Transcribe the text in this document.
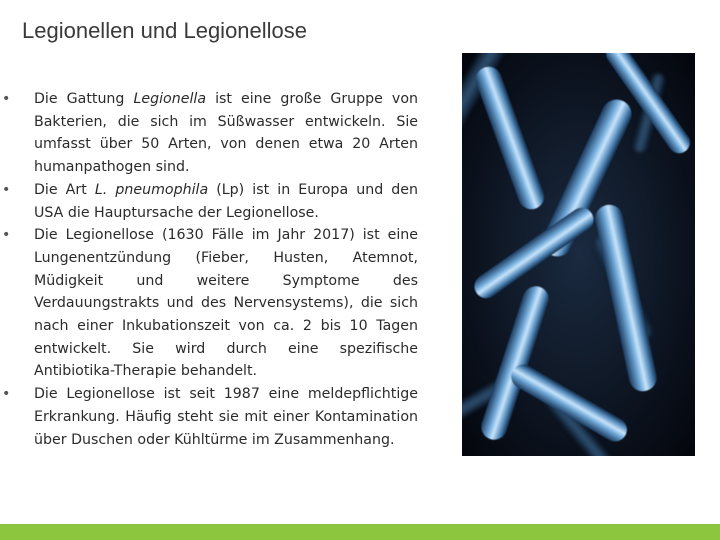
Legionellen und Legionellose
• Die Gattung Legionella ist eine große Gruppe von Bakterien, die sich im Süßwasser entwickeln. Sie umfasst über 50 Arten, von denen etwa 20 Arten humanpathogen sind.
• Die Art L. pneumophila (Lp) ist in Europa und den USA die Hauptursache der Legionellose.
• Die Legionellose (1630 Fälle im Jahr 2017) ist eine Lungenentzündung (Fieber, Husten, Atemnot, Müdigkeit und weitere Symptome des Verdauungstrakts und des Nervensystems), die sich nach einer Inkubationszeit von ca. 2 bis 10 Tagen entwickelt. Sie wird durch eine spezifische Antibiotika-Therapie behandelt.
• Die Legionellose ist seit 1987 eine meldepflichtige Erkrankung. Häufig steht sie mit einer Kontamination über Duschen oder Kühltürme im Zusammenhang.
